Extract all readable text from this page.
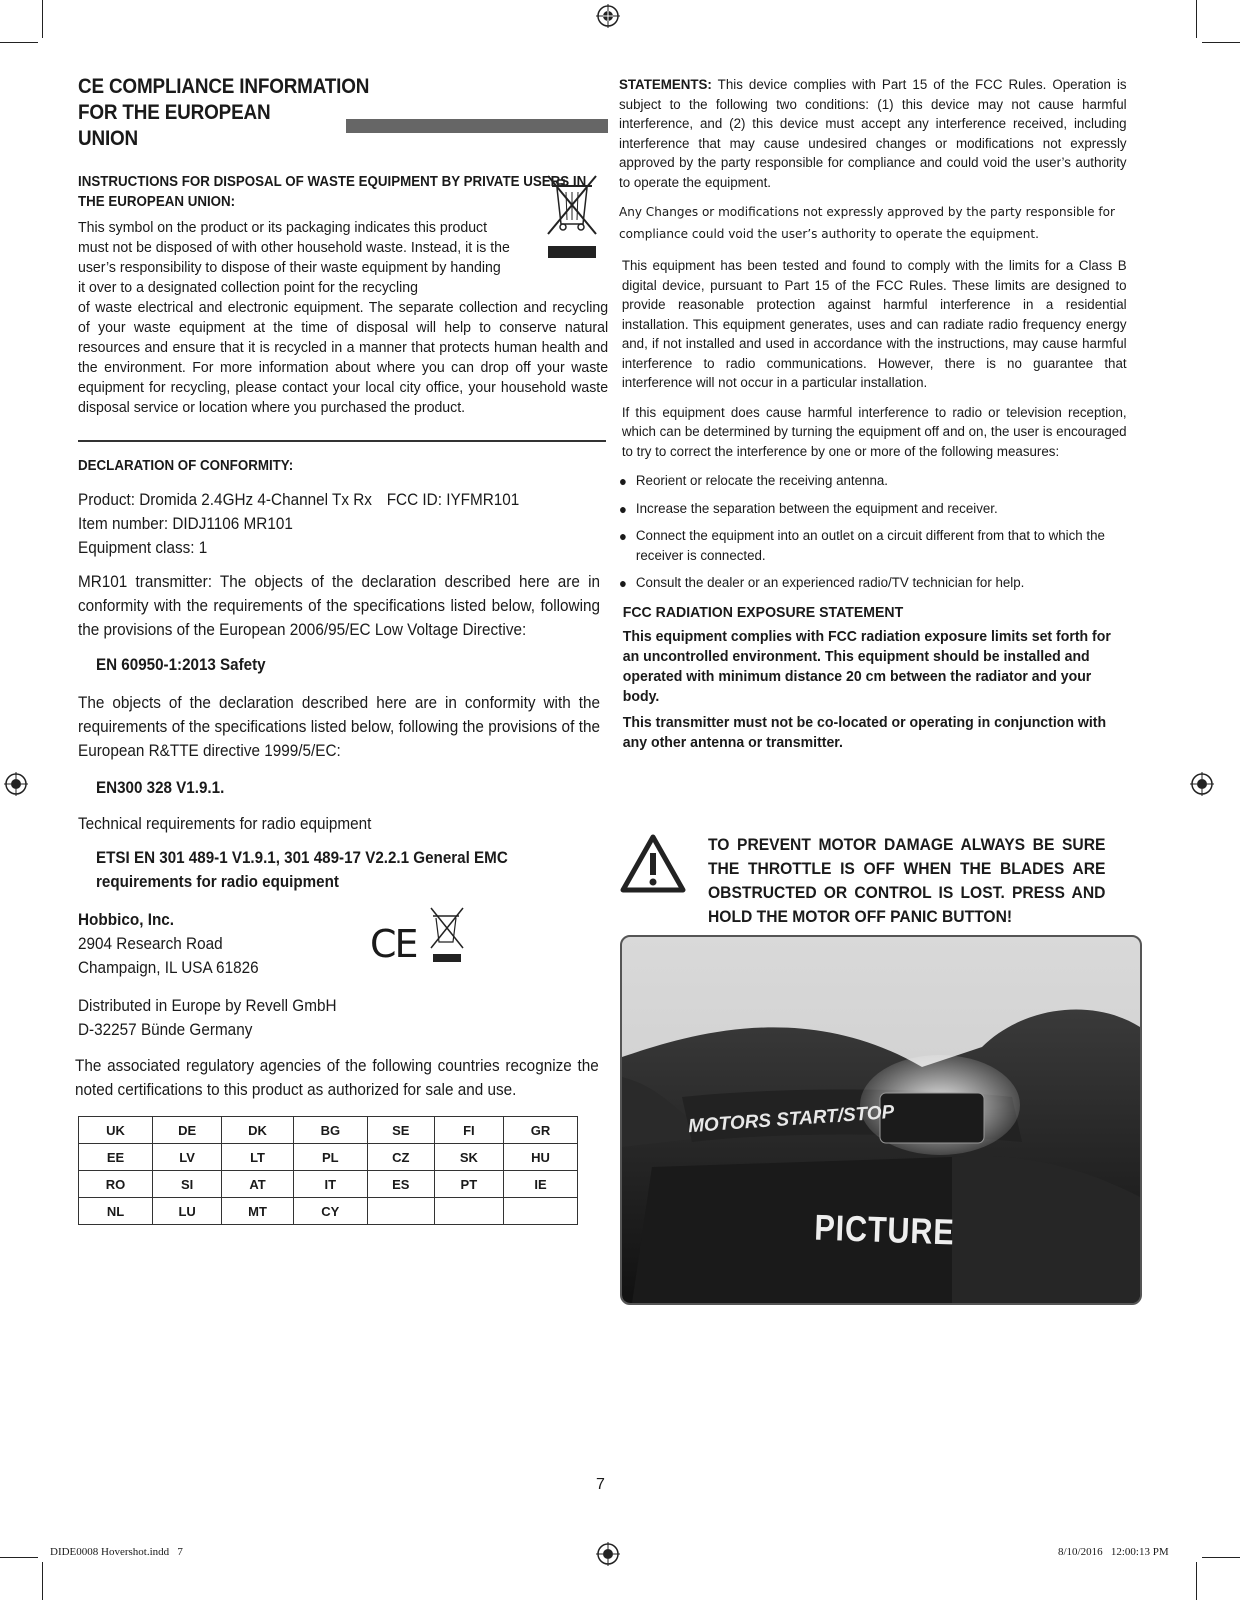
CE COMPLIANCE INFORMATION
FOR THE EUROPEAN UNION
INSTRUCTIONS FOR DISPOSAL OF WASTE EQUIPMENT BY PRIVATE USERS IN THE EUROPEAN UNION:
This symbol on the product or its packaging indicates this product must not be disposed of with other household waste. Instead, it is the user’s responsibility to dispose of their waste equipment by handing it over to a designated collection point for the recycling
of waste electrical and electronic equipment. The separate collection and recycling of your waste equipment at the time of disposal will help to conserve natural resources and ensure that it is recycled in a manner that protects human health and the environment. For more information about where you can drop off your waste equipment for recycling, please contact your local city office, your household waste disposal service or location where you purchased the product.
DECLARATION OF CONFORMITY:
Product: Dromida 2.4GHz 4-Channel Tx Rx FCC ID: IYFMR101
Item number: DIDJ1106 MR101
Equipment class: 1
MR101 transmitter: The objects of the declaration described here are in conformity with the requirements of the specifications listed below, following the provisions of the European 2006/95/EC Low Voltage Directive:
EN 60950-1:2013 Safety
The objects of the declaration described here are in conformity with the requirements of the specifications listed below, following the provisions of the European R&TTE directive 1999/5/EC:
EN300 328 V1.9.1.
Technical requirements for radio equipment
ETSI EN 301 489-1 V1.9.1, 301 489-17 V2.2.1 General EMC requirements for radio equipment
Hobbico, Inc.
2904 Research Road
Champaign, IL USA 61826
CE
Distributed in Europe by Revell GmbH
D-32257 Bünde Germany
The associated regulatory agencies of the following countries recognize the noted certifications to this product as authorized for sale and use.
UK	DE	DK	BG	SE	FI	GR
EE	LV	LT	PL	CZ	SK	HU
RO	SI	AT	IT	ES	PT	IE
NL	LU	MT	CY			

STATEMENTS: This device complies with Part 15 of the FCC Rules. Operation is subject to the following two conditions: (1) this device may not cause harmful interference, and (2) this device must accept any interference received, including interference that may cause undesired changes or modifications not expressly approved by the party responsible for compliance and could void the user’s authority to operate the equipment.

Any Changes or modifications not expressly approved by the party responsible for
compliance could void the user’s authority to operate the equipment.

This equipment has been tested and found to comply with the limits for a Class B digital device, pursuant to Part 15 of the FCC Rules. These limits are designed to provide reasonable protection against harmful interference in a residential installation. This equipment generates, uses and can radiate radio frequency energy and, if not installed and used in accordance with the instructions, may cause harmful interference to radio communications. However, there is no guarantee that interference will not occur in a particular installation.

If this equipment does cause harmful interference to radio or television reception, which can be determined by turning the equipment off and on, the user is encouraged to try to correct the interference by one or more of the following measures:

● Reorient or relocate the receiving antenna.
● Increase the separation between the equipment and receiver.
● Connect the equipment into an outlet on a circuit different from that to which the receiver is connected.
● Consult the dealer or an experienced radio/TV technician for help.
FCC RADIATION EXPOSURE STATEMENT

This equipment complies with FCC radiation exposure limits set forth for an uncontrolled environment. This equipment should be installed and operated with minimum distance 20 cm between the radiator and your body.

This transmitter must not be co-located or operating in conjunction with any other antenna or transmitter.

TO PREVENT MOTOR DAMAGE ALWAYS BE SURE THE THROTTLE IS OFF WHEN THE BLADES ARE OBSTRUCTED OR CONTROL IS LOST. PRESS AND HOLD THE MOTOR OFF PANIC BUTTON!
MOTORS START/STOP
PICTURE
7
DIDE0008 Hovershot.indd   7	8/10/2016   12:00:13 PM
